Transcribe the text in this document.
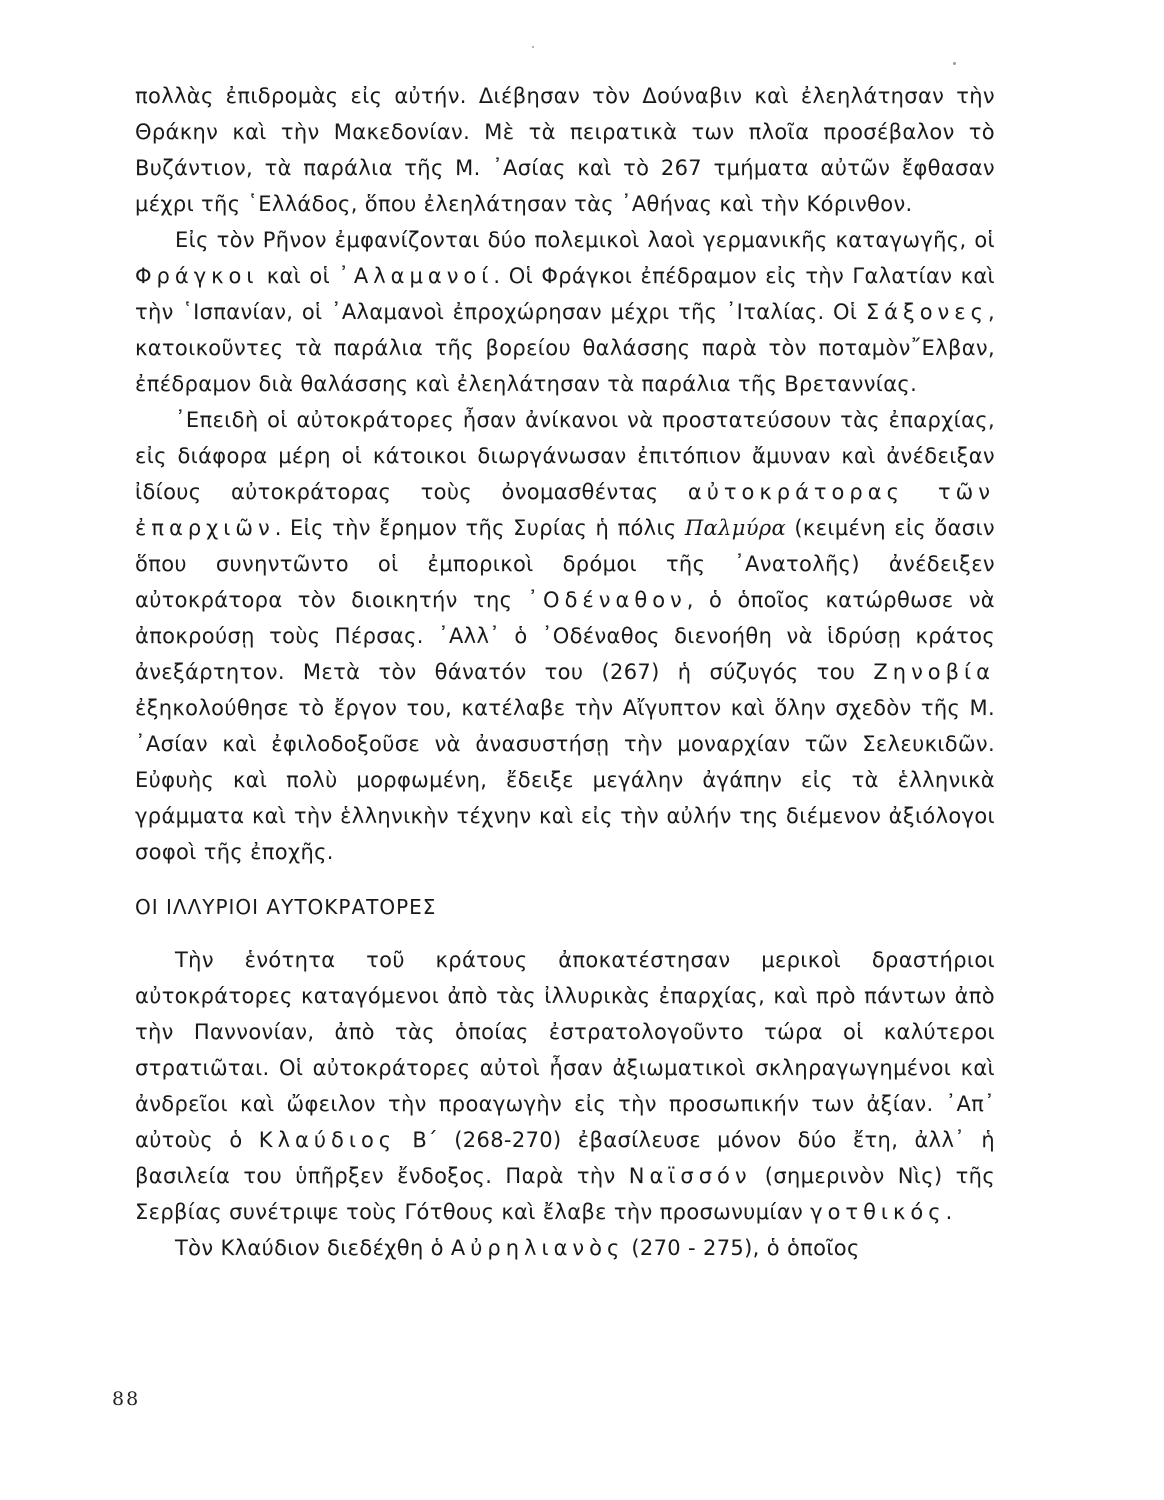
πολλὰς ἐπιδρομὰς εἰς αὐτήν. Διέβησαν τὸν Δούναβιν καὶ ἐλεηλάτησαν τὴν Θράκην καὶ τὴν Μακεδονίαν. Μὲ τὰ πειρατικὰ των πλοῖα προσέβαλον τὸ Βυζάντιον, τὰ παράλια τῆς Μ. ᾿Ασίας καὶ τὸ 267 τμήματα αὐτῶν ἔφθασαν μέχρι τῆς ῾Ελλάδος, ὅπου ἐλεηλάτησαν τὰς ᾿Αθήνας καὶ τὴν Κόρινθον.

Εἰς τὸν Ρῆνον ἐμφανίζονται δύο πολεμικοὶ λαοὶ γερμανικῆς καταγωγῆς, οἱ Φράγκοι καὶ οἱ ᾿Αλαμανοί. Οἱ Φράγκοι ἐπέδραμον εἰς τὴν Γαλατίαν καὶ τὴν ῾Ισπανίαν, οἱ ᾿Αλαμανοὶ ἐπροχώρησαν μέχρι τῆς ᾿Ιταλίας. Οἱ Σάξονες, κατοικοῦντες τὰ παράλια τῆς βορείου θαλάσσης παρὰ τὸν ποταμὸν῎Ελβαν, ἐπέδραμον διὰ θαλάσσης καὶ ἐλεηλάτησαν τὰ παράλια τῆς Βρεταννίας.

᾿Επειδὴ οἱ αὐτοκράτορες ἦσαν ἀνίκανοι νὰ προστατεύσουν τὰς ἐπαρχίας, εἰς διάφορα μέρη οἱ κάτοικοι διωργάνωσαν ἐπιτόπιον ἄμυναν καὶ ἀνέδειξαν ἰδίους αὐτοκράτορας τοὺς ὀνομασθέντας αὐτοκράτορας τῶν ἐπαρχιῶν. Εἰς τὴν ἔρημον τῆς Συρίας ἡ πόλις Παλμύρα (κειμένη εἰς ὄασιν ὅπου συνηντῶντο οἱ ἐμπορικοὶ δρόμοι τῆς ᾿Ανατολῆς) ἀνέδειξεν αὐτοκράτορα τὸν διοικητήν της ᾿Οδέναθον, ὁ ὁποῖος κατώρθωσε νὰ ἀποκρούσῃ τοὺς Πέρσας. ᾿Αλλ᾿ ὁ ᾿Οδέναθος διενοήθη νὰ ἱδρύσῃ κράτος ἀνεξάρτητον. Μετὰ τὸν θάνατόν του (267) ἡ σύζυγός του Ζηνοβία ἐξηκολούθησε τὸ ἔργον του, κατέλαβε τὴν Αἴγυπτον καὶ ὅλην σχεδὸν τῆς Μ. ᾿Ασίαν καὶ ἐφιλοδοξοῦσε νὰ ἀνασυστήσῃ τὴν μοναρχίαν τῶν Σελευκιδῶν. Εὐφυὴς καὶ πολὺ μορφωμένη, ἔδειξε μεγάλην ἀγάπην εἰς τὰ ἑλληνικὰ γράμματα καὶ τὴν ἑλληνικὴν τέχνην καὶ εἰς τὴν αὐλήν της διέμενον ἀξιόλογοι σοφοὶ τῆς ἐποχῆς.

ΟΙ ΙΛΛΥΡΙΟΙ ΑΥΤΟΚΡΑΤΟΡΕΣ

Τὴν ἑνότητα τοῦ κράτους ἀποκατέστησαν μερικοὶ δραστήριοι αὐτοκράτορες καταγόμενοι ἀπὸ τὰς ἰλλυρικὰς ἐπαρχίας, καὶ πρὸ πάντων ἀπὸ τὴν Παννονίαν, ἀπὸ τὰς ὁποίας ἐστρατολογοῦντο τώρα οἱ καλύτεροι στρατιῶται. Οἱ αὐτοκράτορες αὐτοὶ ἦσαν ἀξιωματικοὶ σκληραγωγημένοι καὶ ἀνδρεῖοι καὶ ὤφειλον τὴν προαγωγὴν εἰς τὴν προσωπικήν των ἀξίαν. ᾿Απ᾿ αὐτοὺς ὁ Κλαύδιος Β΄ (268-270) ἐβασίλευσε μόνον δύο ἔτη, ἀλλ᾿ ἡ βασιλεία του ὑπῆρξεν ἔνδοξος. Παρὰ τὴν Ναϊσσόν (σημερινὸν Νὶς) τῆς Σερβίας συνέτριψε τοὺς Γότθους καὶ ἔλαβε τὴν προσωνυμίαν γοτθικός.

Τὸν Κλαύδιον διεδέχθη ὁ Αὐρηλιανὸς (270 - 275), ὁ ὁποῖος

88
